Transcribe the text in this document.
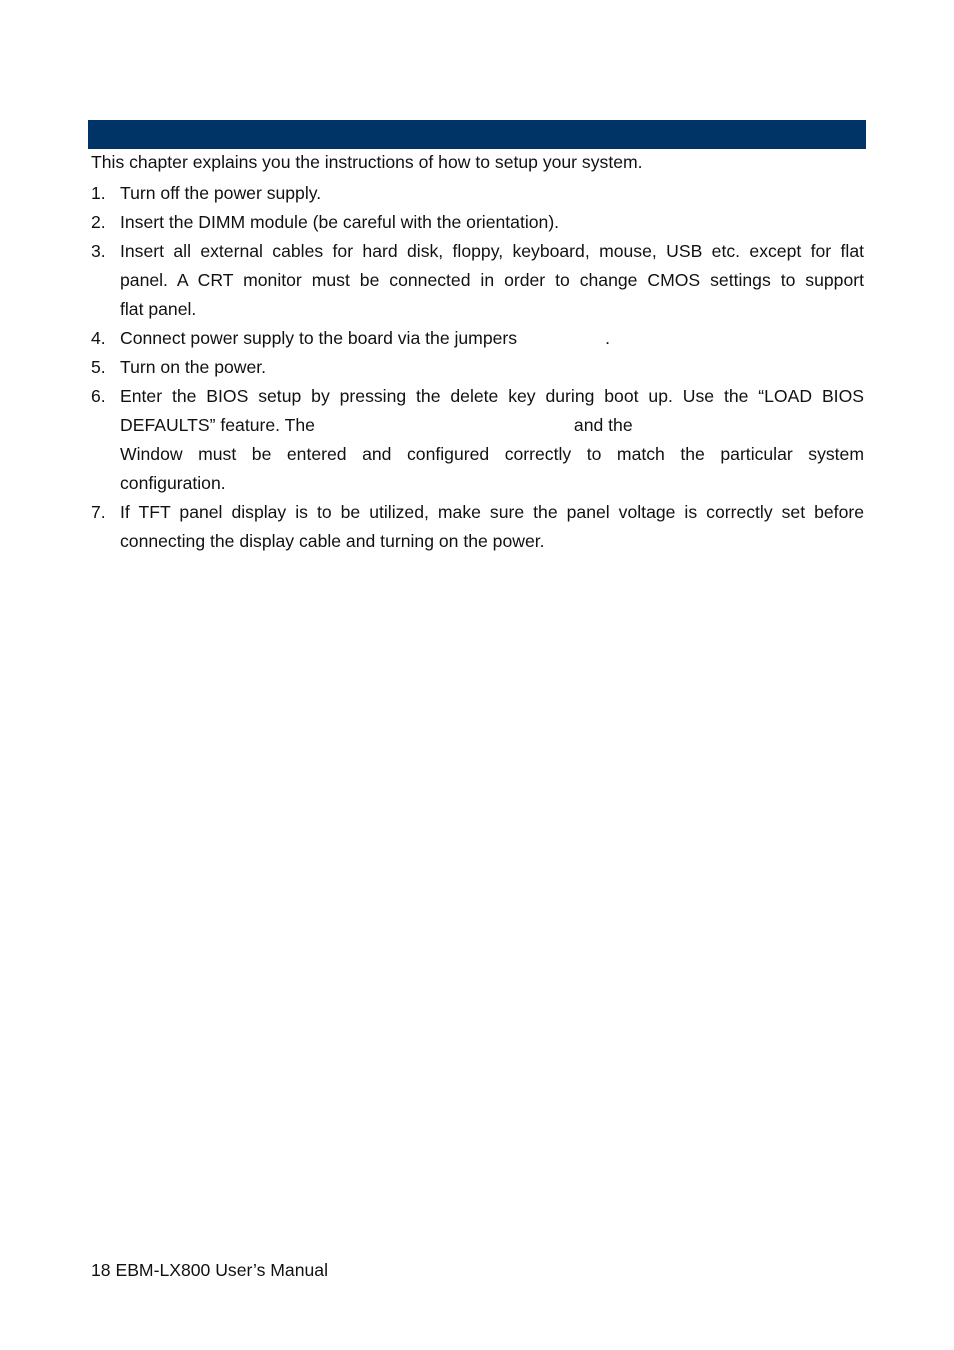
This chapter explains you the instructions of how to setup your system.
1. Turn off the power supply.
2. Insert the DIMM module (be careful with the orientation).
3. Insert all external cables for hard disk, floppy, keyboard, mouse, USB etc. except for flat
panel. A CRT monitor must be connected in order to change CMOS settings to support
flat panel.
4. Connect power supply to the board via the jumpers	.
5. Turn on the power.
6. Enter the BIOS setup by pressing the delete key during boot up. Use the “LOAD BIOS
DEFAULTS” feature. The	and the
Window must be entered and configured correctly to match the particular system
configuration.
7. If TFT panel display is to be utilized, make sure the panel voltage is correctly set before
connecting the display cable and turning on the power.
18 EBM-LX800 User’s Manual
